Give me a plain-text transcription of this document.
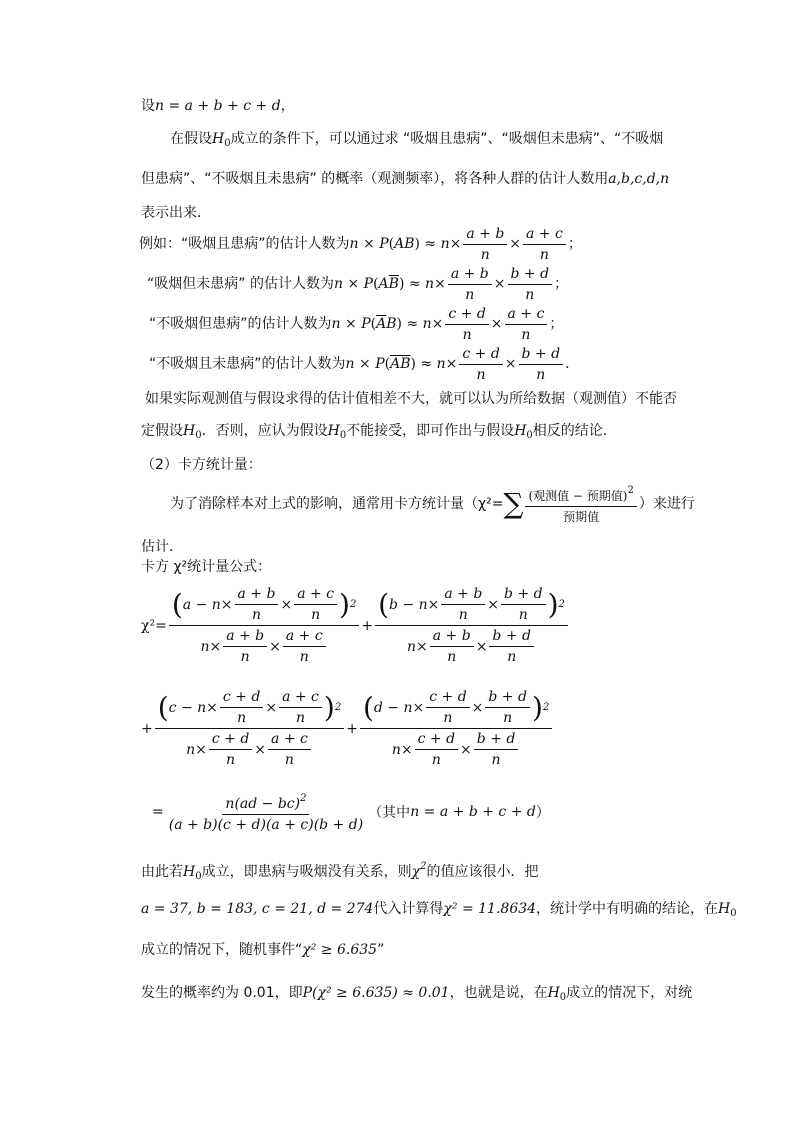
设n = a + b + c + d，
在假设$H_0$成立的条件下，可以通过求 “吸烟且患病”、“吸烟但未患病”、“不吸烟
但患病”、“不吸烟且未患病” 的概率（观测频率），将各种人群的估计人数用a,b,c,d,n
表示出来．
例如：“吸烟且患病”的估计人数为 n × P ( AB ) ≈ $n \times \frac{a + b}{n} \times \frac{a + c}{n}$ ；
“吸烟但未患病” 的估计人数为 n × P ( $A\overline{B}$ ) ≈ $n \times \frac{a + b}{n} \times \frac{b + d}{n}$ ；
“不吸烟但患病”的估计人数为 n × P ( $\overline{A}B$ ) ≈ $n \times \frac{c + d}{n} \times \frac{a + c}{n}$ ；
“不吸烟且未患病”的估计人数为 n × P ( $\overline{AB}$ ) ≈ $n \times \frac{c + d}{n} \times \frac{b + d}{n}$ ．
如果实际观测值与假设求得的估计值相差不大，就可以认为所给数据（观测值）不能否
定假设$H_0$．否则，应认为假设$H_0$不能接受，即可作出与假设$H_0$相反的结论．
（2）卡方统计量：
为了消除样本对上式的影响，通常用卡方统计量（χ²= ∑ $\frac{(观测值 - 预期值)^2}{\text{预期值}}$ ）来进行
估计．
卡方 χ²统计量公式：
$\chi^2= \frac{( a - n\times \frac{a + b}{n} \times \frac{a + c}{n} ) 2}{n\times \frac{a + b}{n} \times \frac{a + c}{n}} + \frac{( b - n\times \frac{a + b}{n} \times \frac{b + d}{n} ) 2}{n\times \frac{a + b}{n} \times \frac{b + d}{n}}$
+ $\frac{( c - n\times \frac{c + d}{n} \times \frac{a + c}{n} ) 2}{n\times \frac{c + d}{n} \times \frac{a + c}{n}} + \frac{( d - n\times \frac{c + d}{n} \times \frac{b + d}{n} ) 2}{n\times \frac{c + d}{n} \times \frac{b + d}{n}}$
= $\frac{n(ad - bc)^2}{(a + b)(c + d)(a + c)(b + d)}$ （其中 n = a + b + c + d ）
由此若$H_0$成立，即患病与吸烟没有关系，则$\chi^2$的值应该很小．把
a = 37, b = 183, c = 21, d = 274代入计算得χ² = 11.8634，统计学中有明确的结论，在$H_0$
成立的情况下，随机事件“χ² ≥ 6.635”
发生的概率约为 0.01，即P(χ² ≥ 6.635) ≈ 0.01，也就是说，在$H_0$成立的情况下，对统
